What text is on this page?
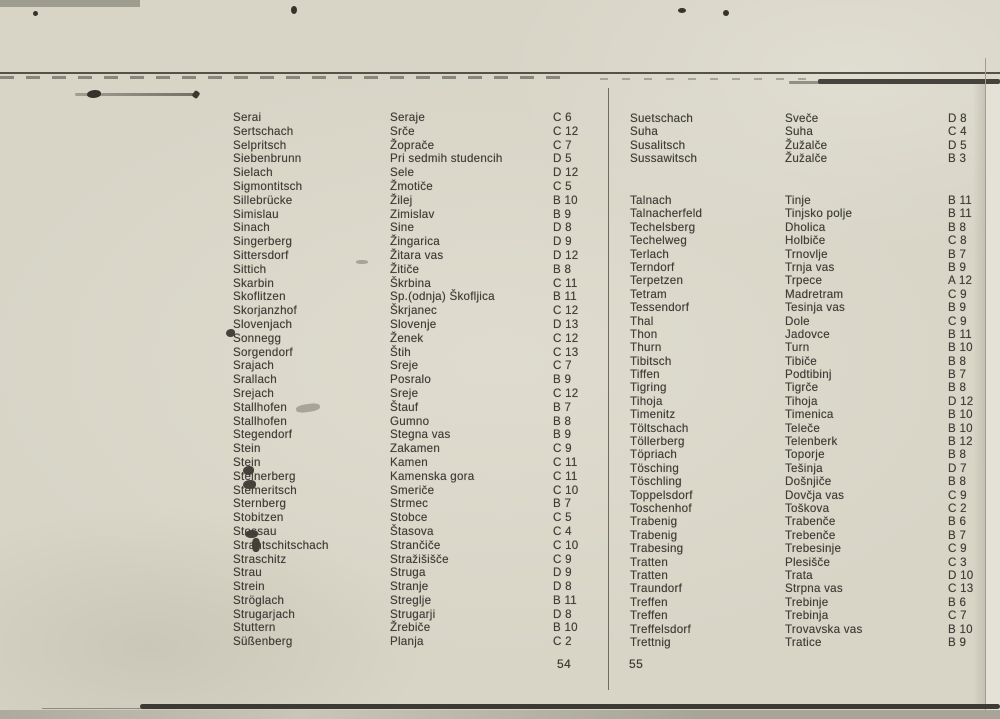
Serai	Seraje	C 6
Sertschach	Srče	C 12
Selpritsch	Žoprače	C 7
Siebenbrunn	Pri sedmih studencih	D 5
Sielach	Sele	D 12
Sigmontitsch	Žmotiče	C 5
Sillebrücke	Žilej	B 10
Simislau	Zimislav	B 9
Sinach	Sine	D 8
Singerberg	Žingarica	D 9
Sittersdorf	Žitara vas	D 12
Sittich	Žitiče	B 8
Skarbin	Škrbina	C 11
Skoflitzen	Sp.(odnja) Škofljica	B 11
Skorjanzhof	Škrjanec	C 12
Slovenjach	Slovenje	D 13
Sonnegg	Ženek	C 12
Sorgendorf	Štih	C 13
Srajach	Sreje	C 7
Srallach	Posralo	B 9
Srejach	Sreje	C 12
Stallhofen	Štauf	B 7
Stallhofen	Gumno	B 8
Stegendorf	Stegna vas	B 9
Stein	Zakamen	C 9
Stein	Kamen	C 11
Steinerberg	Kamenska gora	C 11
Stemeritsch	Smeriče	C 10
Sternberg	Strmec	B 7
Stobitzen	Stobce	C 5
Stossau	Štasova	C 4
Strantschitschach	Strančiče	C 10
Straschitz	Stražišišče	C 9
Strau	Struga	D 9
Strein	Stranje	D 8
Ströglach	Streglje	B 11
Strugarjach	Strugarji	D 8
Stuttern	Žrebiče	B 10
Süßenberg	Planja	C 2
Suetschach	Sveče	D 8
Suha	Suha	C 4
Susalitsch	Žužalče	D 5
Sussawitsch	Žužalče	B 3
Talnach	Tinje	B 11
Talnacherfeld	Tinjsko polje	B 11
Techelsberg	Dholica	B 8
Techelweg	Holbiče	C 8
Terlach	Trnovlje	B 7
Terndorf	Trnja vas	B 9
Terpetzen	Trpece	A 12
Tetram	Madretram	C 9
Tessendorf	Tesinja vas	B 9
Thal	Dole	C 9
Thon	Jadovce	B 11
Thurn	Turn	B 10
Tibitsch	Tibiče	B 8
Tiffen	Podtibinj	B 7
Tigring	Tigrče	B 8
Tihoja	Tihoja	D 12
Timenitz	Timenica	B 10
Töltschach	Teleče	B 10
Töllerberg	Telenberk	B 12
Töpriach	Toporje	B 8
Tösching	Tešinja	D 7
Töschling	Došnjiče	B 8
Toppelsdorf	Dovčja vas	C 9
Toschenhof	Toškova	C 2
Trabenig	Trabenče	B 6
Trabenig	Trebenče	B 7
Trabesing	Trebesinje	C 9
Tratten	Plesišče	C 3
Tratten	Trata	D 10
Traundorf	Strpna vas	C 13
Treffen	Trebinje	B 6
Treffen	Trebinja	C 7
Treffelsdorf	Trovavska vas	B 10
Trettnig	Tratice	B 9
54	55
